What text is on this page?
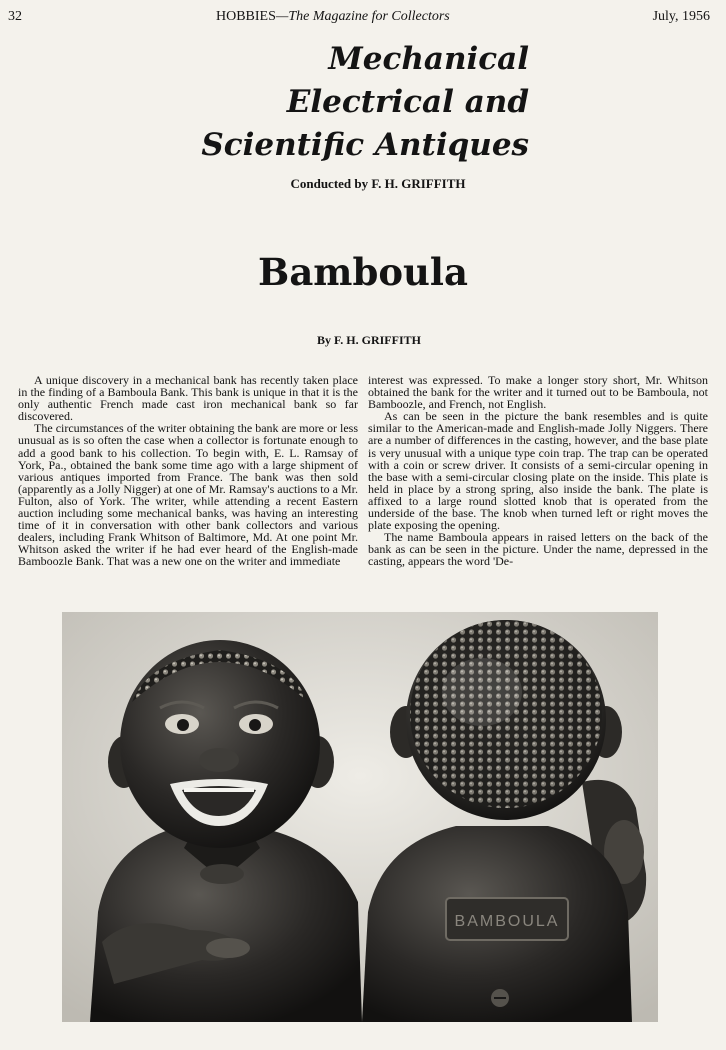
32	HOBBIES—The Magazine for Collectors	July, 1956
Mechanical
Electrical and
Scientific Antiques
Conducted by F. H. GRIFFITH
Bamboula
By F. H. GRIFFITH

A unique discovery in a mechanical bank has recently taken place in the finding of a Bamboula Bank. This bank is unique in that it is the only authentic French made cast iron mechanical bank so far discovered.

The circumstances of the writer obtaining the bank are more or less unusual as is so often the case when a collector is fortunate enough to add a good bank to his collection. To begin with, E. L. Ramsay of York, Pa., obtained the bank some time ago with a large shipment of various antiques imported from France. The bank was then sold (apparently as a Jolly Nigger) at one of Mr. Ramsay's auctions to a Mr. Fulton, also of York. The writer, while attending a recent Eastern auction including some mechanical banks, was having an interesting time of it in conversation with other bank collectors and various dealers, including Frank Whitson of Baltimore, Md. At one point Mr. Whitson asked the writer if he had ever heard of the English-made Bamboozle Bank. That was a new one on the writer and immediate

interest was expressed. To make a longer story short, Mr. Whitson obtained the bank for the writer and it turned out to be Bamboula, not Bamboozle, and French, not English.

As can be seen in the picture the bank resembles and is quite similar to the American-made and English-made Jolly Niggers. There are a number of differences in the casting, however, and the base plate is very unusual with a unique type coin trap. The trap can be operated with a coin or screw driver. It consists of a semi-circular opening in the base with a semi-circular closing plate on the inside. This plate is held in place by a strong spring, also inside the bank. The plate is affixed to a large round slotted knob that is operated from the underside of the base. The knob when turned left or right moves the plate exposing the opening.

The name Bamboula appears in raised letters on the back of the bank as can be seen in the picture. Under the name, depressed in the casting, appears the word 'De-

BAMBOULA
